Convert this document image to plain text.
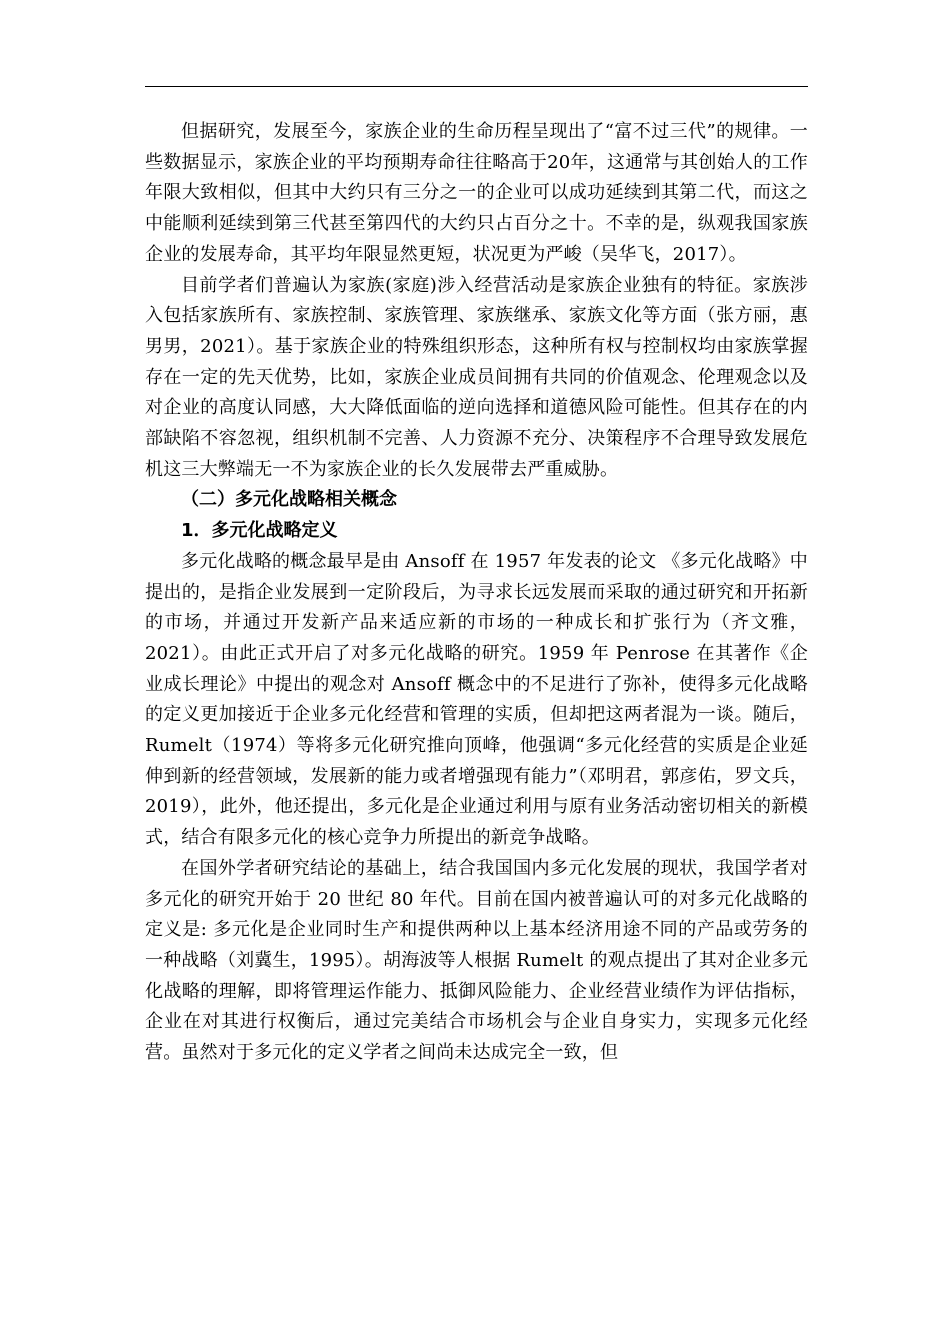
但据研究，发展至今，家族企业的生命历程呈现出了“富不过三代”的规律。一些数据显示，家族企业的平均预期寿命往往略高于20年，这通常与其创始人的工作年限大致相似，但其中大约只有三分之一的企业可以成功延续到其第二代，而这之中能顺利延续到第三代甚至第四代的大约只占百分之十。不幸的是，纵观我国家族企业的发展寿命，其平均年限显然更短，状况更为严峻（吴华飞，2017）。

目前学者们普遍认为家族(家庭)涉入经营活动是家族企业独有的特征。家族涉入包括家族所有、家族控制、家族管理、家族继承、家族文化等方面（张方丽，惠男男，2021）。基于家族企业的特殊组织形态，这种所有权与控制权均由家族掌握存在一定的先天优势，比如，家族企业成员间拥有共同的价值观念、伦理观念以及对企业的高度认同感，大大降低面临的逆向选择和道德风险可能性。但其存在的内部缺陷不容忽视，组织机制不完善、人力资源不充分、决策程序不合理导致发展危机这三大弊端无一不为家族企业的长久发展带去严重威胁。

（二）多元化战略相关概念
1．多元化战略定义

多元化战略的概念最早是由 Ansoff 在 1957 年发表的论文 《多元化战略》中提出的，是指企业发展到一定阶段后，为寻求长远发展而采取的通过研究和开拓新的市场，并通过开发新产品来适应新的市场的一种成长和扩张行为（齐文雅，2021）。由此正式开启了对多元化战略的研究。1959 年 Penrose 在其著作《企业成长理论》中提出的观念对 Ansoff 概念中的不足进行了弥补，使得多元化战略的定义更加接近于企业多元化经营和管理的实质，但却把这两者混为一谈。随后，Rumelt（1974）等将多元化研究推向顶峰，他强调“多元化经营的实质是企业延伸到新的经营领域，发展新的能力或者增强现有能力”（邓明君，郭彦佑，罗文兵，2019），此外，他还提出，多元化是企业通过利用与原有业务活动密切相关的新模式，结合有限多元化的核心竞争力所提出的新竞争战略。

在国外学者研究结论的基础上，结合我国国内多元化发展的现状，我国学者对多元化的研究开始于 20 世纪 80 年代。目前在国内被普遍认可的对多元化战略的定义是: 多元化是企业同时生产和提供两种以上基本经济用途不同的产品或劳务的一种战略（刘冀生，1995）。胡海波等人根据 Rumelt 的观点提出了其对企业多元化战略的理解，即将管理运作能力、抵御风险能力、企业经营业绩作为评估指标，企业在对其进行权衡后，通过完美结合市场机会与企业自身实力，实现多元化经营。虽然对于多元化的定义学者之间尚未达成完全一致，但
